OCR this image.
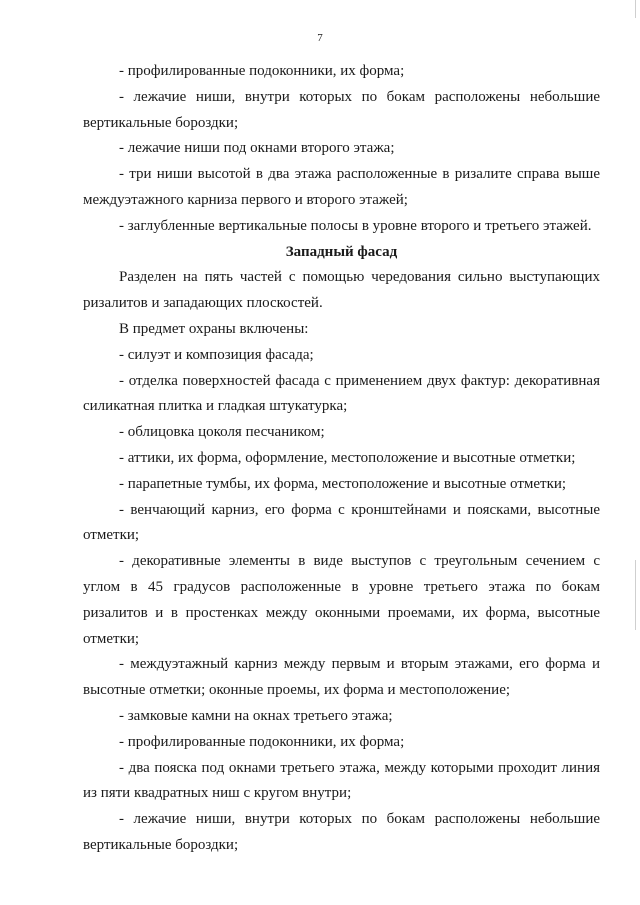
7

- профилированные подоконники, их форма;

- лежачие ниши, внутри которых по бокам расположены небольшие вертикальные бороздки;

- лежачие ниши под окнами второго этажа;

- три ниши высотой в два этажа расположенные в ризалите справа выше междуэтажного карниза первого и второго этажей;

- заглубленные вертикальные полосы в уровне второго и третьего этажей.

Западный фасад

Разделен на пять частей с помощью чередования сильно выступающих ризалитов и западающих плоскостей.

В предмет охраны включены:

- силуэт и композиция фасада;

- отделка поверхностей фасада с применением двух фактур: декоративная силикатная плитка и гладкая штукатурка;

- облицовка цоколя песчаником;

- аттики, их форма, оформление, местоположение и высотные отметки;

- парапетные тумбы, их форма, местоположение и высотные отметки;

- венчающий карниз, его форма с кронштейнами и поясками, высотные отметки;

- декоративные элементы в виде выступов с треугольным сечением с углом в 45 градусов расположенные в уровне третьего этажа по бокам ризалитов и в простенках между оконными проемами, их форма, высотные отметки;

- междуэтажный карниз между первым и вторым этажами, его форма и высотные отметки; оконные проемы, их форма и местоположение;

- замковые камни на окнах третьего этажа;

- профилированные подоконники, их форма;

- два пояска под окнами третьего этажа, между которыми проходит линия из пяти квадратных ниш с кругом внутри;

- лежачие ниши, внутри которых по бокам расположены небольшие вертикальные бороздки;
